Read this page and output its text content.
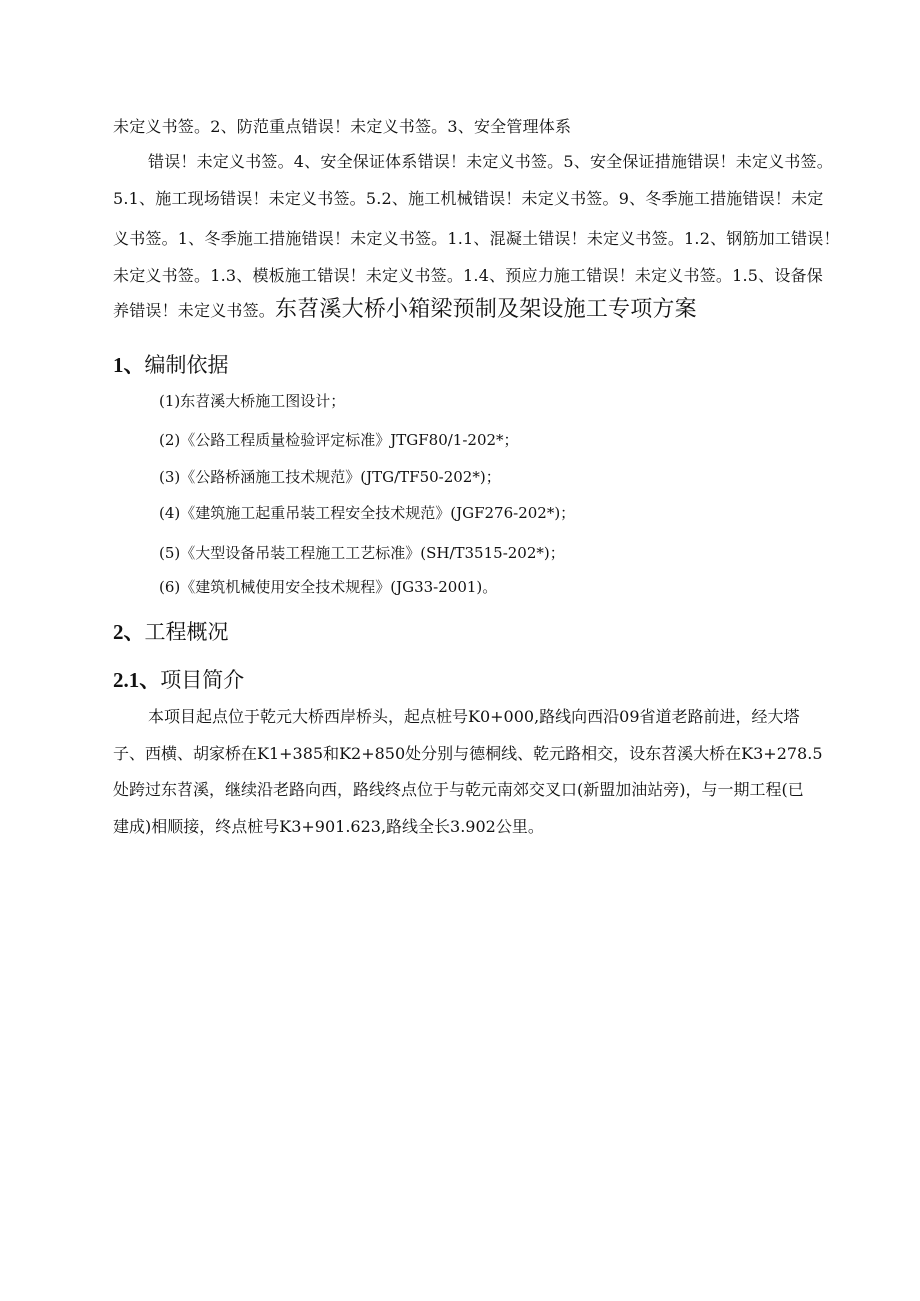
未定义书签。2、防范重点错误！未定义书签。3、安全管理体系
错误！未定义书签。4、安全保证体系错误！未定义书签。5、安全保证措施错误！未定义书签。
5.1、施工现场错误！未定义书签。5.2、施工机械错误！未定义书签。9、冬季施工措施错误！未定
义书签。1、冬季施工措施错误！未定义书签。1.1、混凝土错误！未定义书签。1.2、钢筋加工错误！
未定义书签。1.3、模板施工错误！未定义书签。1.4、预应力施工错误！未定义书签。1.5、设备保
养错误！未定义书签。东苕溪大桥小箱梁预制及架设施工专项方案
1、编制依据
(1)东苕溪大桥施工图设计；
(2)《公路工程质量检验评定标准》JTGF80/1-202*；
(3)《公路桥涵施工技术规范》(JTG/TF50-202*)；
(4)《建筑施工起重吊装工程安全技术规范》(JGF276-202*)；
(5)《大型设备吊装工程施工工艺标准》(SH/T3515-202*)；
(6)《建筑机械使用安全技术规程》(JG33-2001)。
2、工程概况
2.1、项目简介
本项目起点位于乾元大桥西岸桥头，起点桩号K0+000,路线向西沿09省道老路前进，经大塔
子、西横、胡家桥在K1+385和K2+850处分别与德桐线、乾元路相交，设东苕溪大桥在K3+278.5
处跨过东苕溪，继续沿老路向西，路线终点位于与乾元南郊交叉口(新盟加油站旁)，与一期工程(已
建成)相顺接，终点桩号K3+901.623,路线全长3.902公里。
